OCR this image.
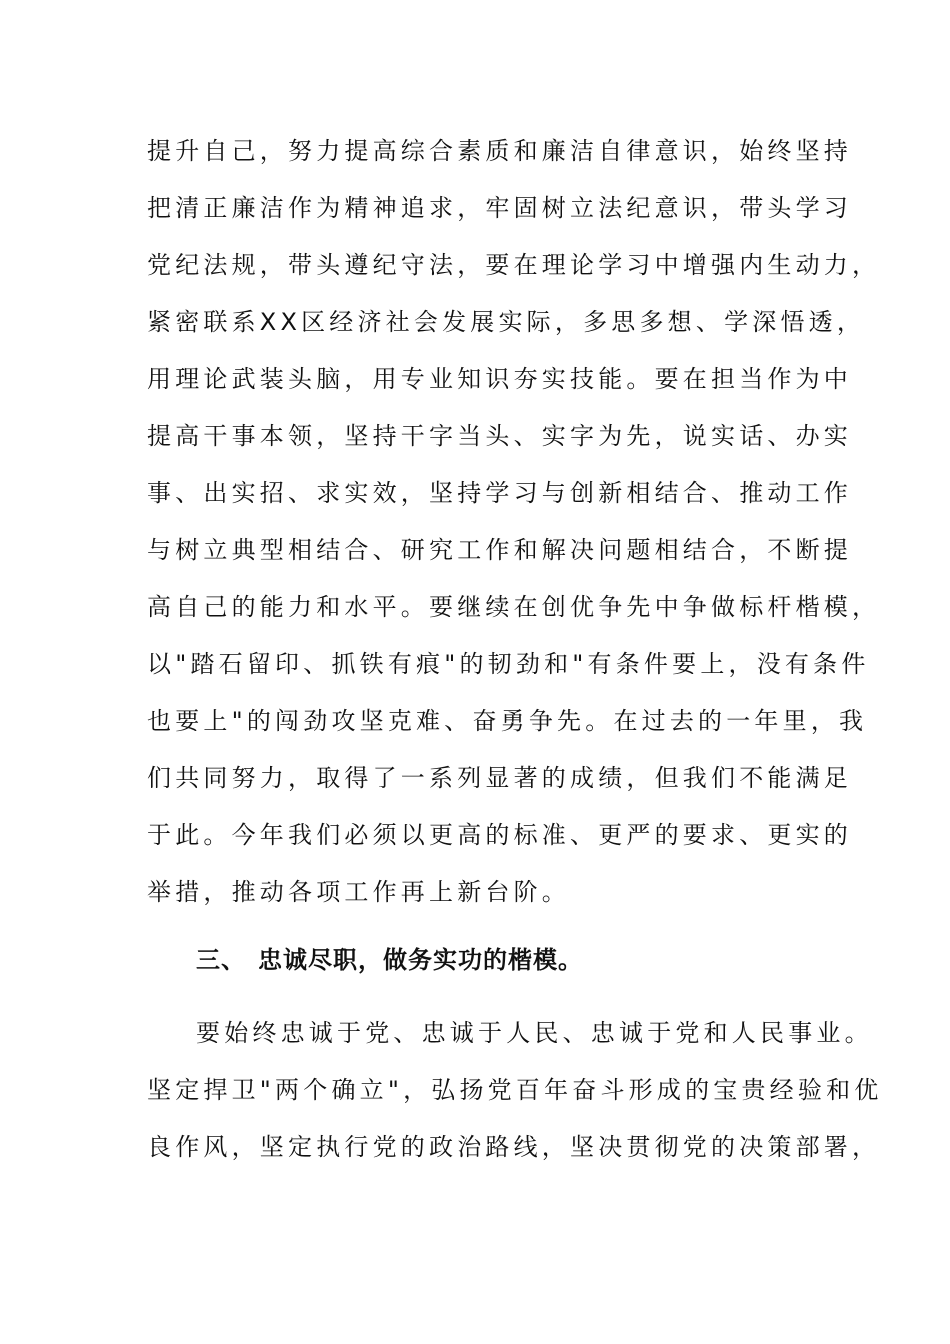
提升自己，努力提高综合素质和廉洁自律意识，始终坚持
把清正廉洁作为精神追求，牢固树立法纪意识，带头学习
党纪法规，带头遵纪守法，要在理论学习中增强内生动力，
紧密联系XX区经济社会发展实际，多思多想、学深悟透，
用理论武装头脑，用专业知识夯实技能。要在担当作为中
提高干事本领，坚持干字当头、实字为先，说实话、办实
事、出实招、求实效，坚持学习与创新相结合、推动工作
与树立典型相结合、研究工作和解决问题相结合，不断提
高自己的能力和水平。要继续在创优争先中争做标杆楷模，
以"踏石留印、抓铁有痕"的韧劲和"有条件要上，没有条件
也要上"的闯劲攻坚克难、奋勇争先。在过去的一年里，我
们共同努力，取得了一系列显著的成绩，但我们不能满足
于此。今年我们必须以更高的标准、更严的要求、更实的
举措，推动各项工作再上新台阶。
三、 忠诚尽职，做务实功的楷模。
要始终忠诚于党、忠诚于人民、忠诚于党和人民事业。
坚定捍卫"两个确立"，弘扬党百年奋斗形成的宝贵经验和优
良作风，坚定执行党的政治路线，坚决贯彻党的决策部署，
